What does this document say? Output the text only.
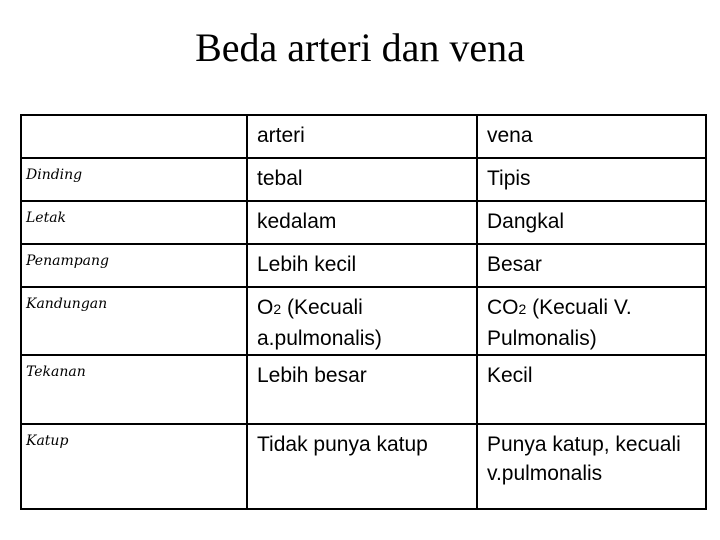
Beda arteri dan vena

	arteri	vena

Dinding	tebal	Tipis

Letak	kedalam	Dangkal

Penampang	Lebih kecil	Besar

Kandungan	O2 (Kecuali a.pulmonalis)	CO2 (Kecuali V. Pulmonalis)

Tekanan	Lebih besar	Kecil

Katup	Tidak punya katup	Punya katup, kecuali v.pulmonalis
